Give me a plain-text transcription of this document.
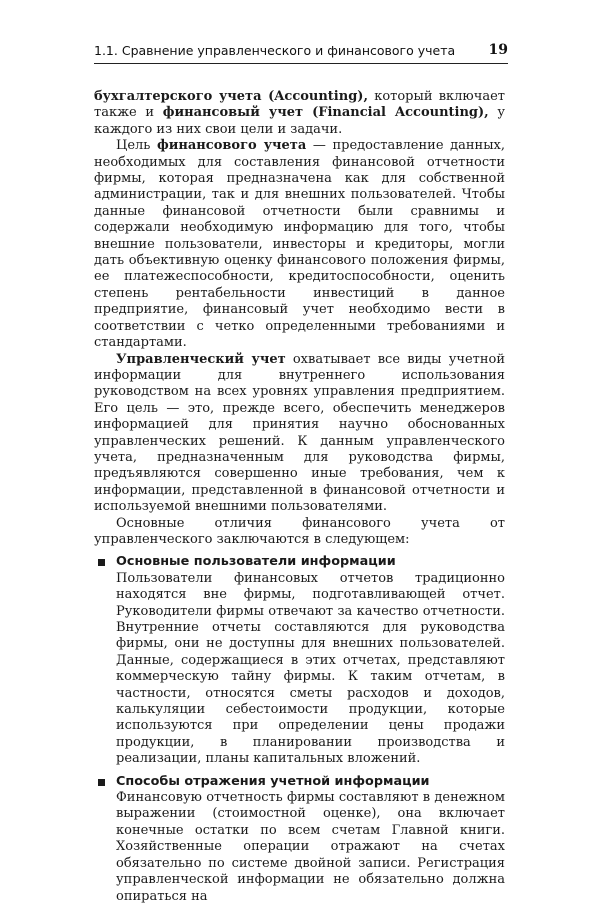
1.1. Сравнение управленческого и финансового учета 19

бухгалтерского учета (Accounting), который включает также и финансовый учет (Financial Accounting), у каждого из них свои цели и задачи.

Цель финансового учета — предоставление данных, необходимых для составления финансовой отчетности фирмы, которая предназначена как для собственной администрации, так и для внешних пользователей. Чтобы данные финансовой отчетности были сравнимы и содержали необходимую информацию для того, чтобы внешние пользователи, инвесторы и кредиторы, могли дать объективную оценку финансового положения фирмы, ее платежеспособности, кредитоспособности, оценить степень рентабельности инвестиций в данное предприятие, финансовый учет необходимо вести в соответствии с четко определенными требованиями и стандартами.

Управленческий учет охватывает все виды учетной информации для внутреннего использования руководством на всех уровнях управления предприятием. Его цель — это, прежде всего, обеспечить менеджеров информацией для принятия научно обоснованных управленческих решений. К данным управленческого учета, предназначенным для руководства фирмы, предъявляются совершенно иные требования, чем к информации, представленной в финансовой отчетности и используемой внешними пользователями.

Основные отличия финансового учета от управленческого заключаются в следующем:

Основные пользователи информации

Пользователи финансовых отчетов традиционно находятся вне фирмы, подготавливающей отчет. Руководители фирмы отвечают за качество отчетности. Внутренние отчеты составляются для руководства фирмы, они не доступны для внешних пользователей. Данные, содержащиеся в этих отчетах, представляют коммерческую тайну фирмы. К таким отчетам, в частности, относятся сметы расходов и доходов, калькуляции себестоимости продукции, которые используются при определении цены продажи продукции, в планировании производства и реализации, планы капитальных вложений.

Способы отражения учетной информации

Финансовую отчетность фирмы составляют в денежном выражении (стоимостной оценке), она включает конечные остатки по всем счетам Главной книги. Хозяйственные операции отражают на счетах обязательно по системе двойной записи. Регистрация управленческой информации не обязательно должна опираться на
